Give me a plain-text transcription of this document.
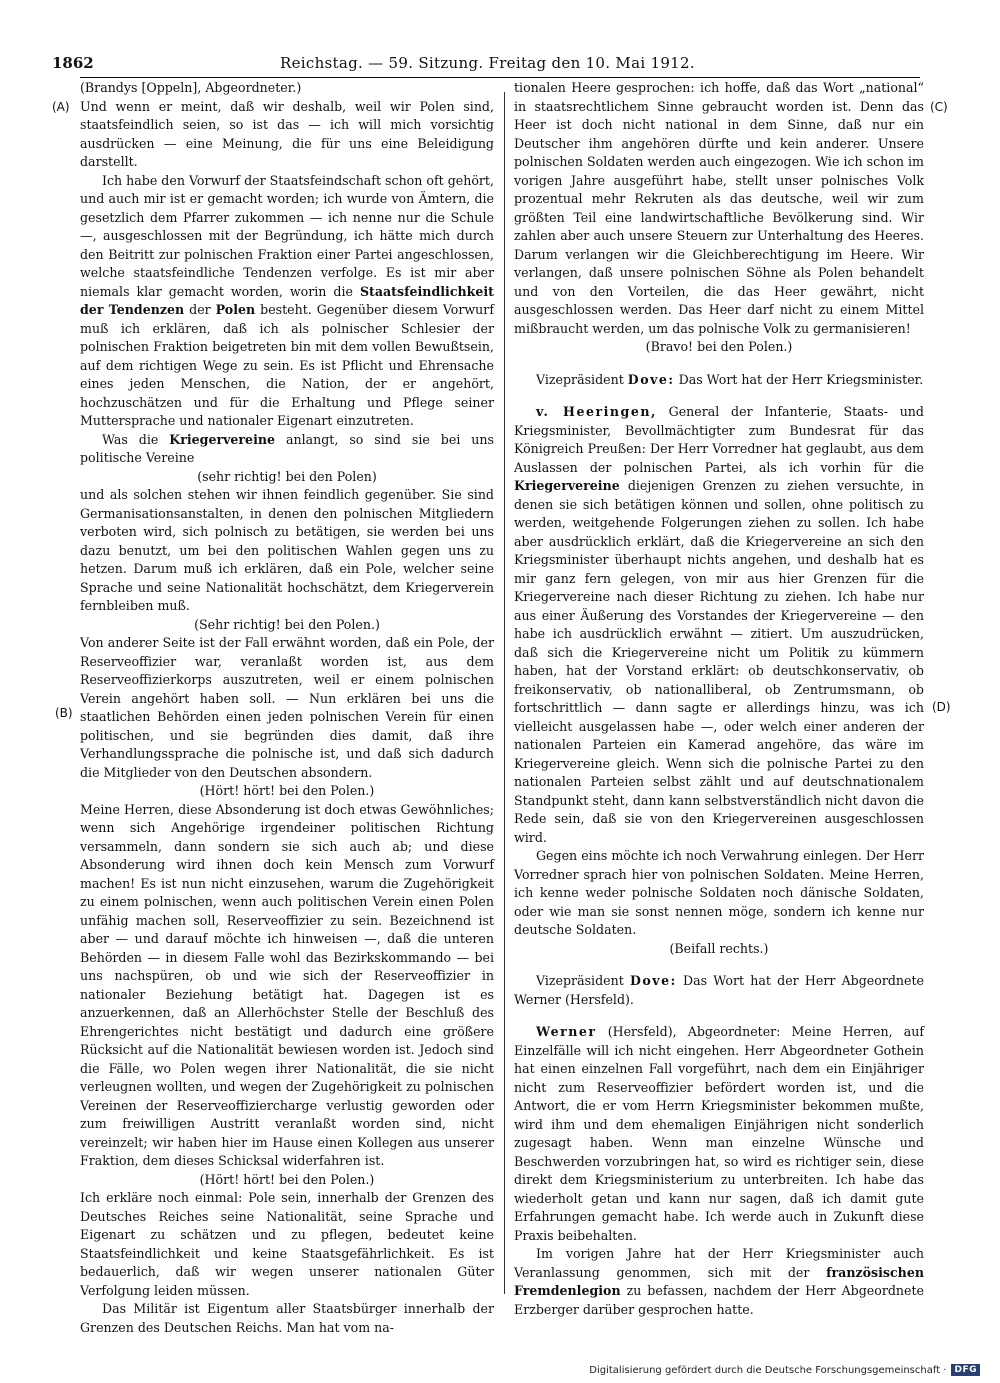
1862	Reichstag. — 59. Sitzung. Freitag den 10. Mai 1912.
(A)
(B)
(C)
(D)

(Brandys [Oppeln], Abgeordneter.)

Und wenn er meint, daß wir deshalb, weil wir Polen sind, staatsfeindlich seien, so ist das — ich will mich vorsichtig ausdrücken — eine Meinung, die für uns eine Beleidigung darstellt.

Ich habe den Vorwurf der Staatsfeindschaft schon oft gehört, und auch mir ist er gemacht worden; ich wurde von Ämtern, die gesetzlich dem Pfarrer zukommen — ich nenne nur die Schule —, ausgeschlossen mit der Begründung, ich hätte mich durch den Beitritt zur polnischen Fraktion einer Partei angeschlossen, welche staatsfeindliche Tendenzen verfolge. Es ist mir aber niemals klar gemacht worden, worin die Staatsfeindlichkeit der Tendenzen der Polen besteht. Gegenüber diesem Vorwurf muß ich erklären, daß ich als polnischer Schlesier der polnischen Fraktion beigetreten bin mit dem vollen Bewußtsein, auf dem richtigen Wege zu sein. Es ist Pflicht und Ehrensache eines jeden Menschen, die Nation, der er angehört, hochzuschätzen und für die Erhaltung und Pflege seiner Muttersprache und nationaler Eigenart einzutreten.

Was die Kriegervereine anlangt, so sind sie bei uns politische Vereine

(sehr richtig! bei den Polen)

und als solchen stehen wir ihnen feindlich gegenüber. Sie sind Germanisationsanstalten, in denen den polnischen Mitgliedern verboten wird, sich polnisch zu betätigen, sie werden bei uns dazu benutzt, um bei den politischen Wahlen gegen uns zu hetzen. Darum muß ich erklären, daß ein Pole, welcher seine Sprache und seine Nationalität hochschätzt, dem Kriegerverein fernbleiben muß.

(Sehr richtig! bei den Polen.)

Von anderer Seite ist der Fall erwähnt worden, daß ein Pole, der Reserveoffizier war, veranlaßt worden ist, aus dem Reserveoffizierkorps auszutreten, weil er einem polnischen Verein angehört haben soll. — Nun erklären bei uns die staatlichen Behörden einen jeden polnischen Verein für einen politischen, und sie begründen dies damit, daß ihre Verhandlungssprache die polnische ist, und daß sich dadurch die Mitglieder von den Deutschen absondern.

(Hört! hört! bei den Polen.)

Meine Herren, diese Absonderung ist doch etwas Gewöhnliches; wenn sich Angehörige irgendeiner politischen Richtung versammeln, dann sondern sie sich auch ab; und diese Absonderung wird ihnen doch kein Mensch zum Vorwurf machen! Es ist nun nicht einzusehen, warum die Zugehörigkeit zu einem polnischen, wenn auch politischen Verein einen Polen unfähig machen soll, Reserveoffizier zu sein. Bezeichnend ist aber — und darauf möchte ich hinweisen —, daß die unteren Behörden — in diesem Falle wohl das Bezirkskommando — bei uns nachspüren, ob und wie sich der Reserveoffizier in nationaler Beziehung betätigt hat. Dagegen ist es anzuerkennen, daß an Allerhöchster Stelle der Beschluß des Ehrengerichtes nicht bestätigt und dadurch eine größere Rücksicht auf die Nationalität bewiesen worden ist. Jedoch sind die Fälle, wo Polen wegen ihrer Nationalität, die sie nicht verleugnen wollten, und wegen der Zugehörigkeit zu polnischen Vereinen der Reserveoffiziercharge verlustig geworden oder zum freiwilligen Austritt veranlaßt worden sind, nicht vereinzelt; wir haben hier im Hause einen Kollegen aus unserer Fraktion, dem dieses Schicksal widerfahren ist.

(Hört! hört! bei den Polen.)

Ich erkläre noch einmal: Pole sein, innerhalb der Grenzen des Deutsches Reiches seine Nationalität, seine Sprache und Eigenart zu schätzen und zu pflegen, bedeutet keine Staatsfeindlichkeit und keine Staatsgefährlichkeit. Es ist bedauerlich, daß wir wegen unserer nationalen Güter Verfolgung leiden müssen.

Das Militär ist Eigentum aller Staatsbürger innerhalb der Grenzen des Deutschen Reichs. Man hat vom na-

tionalen Heere gesprochen: ich hoffe, daß das Wort „national“ in staatsrechtlichem Sinne gebraucht worden ist. Denn das Heer ist doch nicht national in dem Sinne, daß nur ein Deutscher ihm angehören dürfte und kein anderer. Unsere polnischen Soldaten werden auch eingezogen. Wie ich schon im vorigen Jahre ausgeführt habe, stellt unser polnisches Volk prozentual mehr Rekruten als das deutsche, weil wir zum größten Teil eine landwirtschaftliche Bevölkerung sind. Wir zahlen aber auch unsere Steuern zur Unterhaltung des Heeres. Darum verlangen wir die Gleichberechtigung im Heere. Wir verlangen, daß unsere polnischen Söhne als Polen behandelt und von den Vorteilen, die das Heer gewährt, nicht ausgeschlossen werden. Das Heer darf nicht zu einem Mittel mißbraucht werden, um das polnische Volk zu germanisieren!

(Bravo! bei den Polen.)

Vizepräsident Dove: Das Wort hat der Herr Kriegsminister.

v. Heeringen, General der Infanterie, Staats- und Kriegsminister, Bevollmächtigter zum Bundesrat für das Königreich Preußen: Der Herr Vorredner hat geglaubt, aus dem Auslassen der polnischen Partei, als ich vorhin für die Kriegervereine diejenigen Grenzen zu ziehen versuchte, in denen sie sich betätigen können und sollen, ohne politisch zu werden, weitgehende Folgerungen ziehen zu sollen. Ich habe aber ausdrücklich erklärt, daß die Kriegervereine an sich den Kriegsminister überhaupt nichts angehen, und deshalb hat es mir ganz fern gelegen, von mir aus hier Grenzen für die Kriegervereine nach dieser Richtung zu ziehen. Ich habe nur aus einer Äußerung des Vorstandes der Kriegervereine — den habe ich ausdrücklich erwähnt — zitiert. Um auszudrücken, daß sich die Kriegervereine nicht um Politik zu kümmern haben, hat der Vorstand erklärt: ob deutschkonservativ, ob freikonservativ, ob nationalliberal, ob Zentrumsmann, ob fortschrittlich — dann sagte er allerdings hinzu, was ich vielleicht ausgelassen habe —, oder welch einer anderen der nationalen Parteien ein Kamerad angehöre, das wäre im Kriegervereine gleich. Wenn sich die polnische Partei zu den nationalen Parteien selbst zählt und auf deutschnationalem Standpunkt steht, dann kann selbstverständlich nicht davon die Rede sein, daß sie von den Kriegervereinen ausgeschlossen wird.

Gegen eins möchte ich noch Verwahrung einlegen. Der Herr Vorredner sprach hier von polnischen Soldaten. Meine Herren, ich kenne weder polnische Soldaten noch dänische Soldaten, oder wie man sie sonst nennen möge, sondern ich kenne nur deutsche Soldaten.

(Beifall rechts.)

Vizepräsident Dove: Das Wort hat der Herr Abgeordnete Werner (Hersfeld).

Werner (Hersfeld), Abgeordneter: Meine Herren, auf Einzelfälle will ich nicht eingehen. Herr Abgeordneter Gothein hat einen einzelnen Fall vorgeführt, nach dem ein Einjähriger nicht zum Reserveoffizier befördert worden ist, und die Antwort, die er vom Herrn Kriegsminister bekommen mußte, wird ihm und dem ehemaligen Einjährigen nicht sonderlich zugesagt haben. Wenn man einzelne Wünsche und Beschwerden vorzubringen hat, so wird es richtiger sein, diese direkt dem Kriegsministerium zu unterbreiten. Ich habe das wiederholt getan und kann nur sagen, daß ich damit gute Erfahrungen gemacht habe. Ich werde auch in Zukunft diese Praxis beibehalten.

Im vorigen Jahre hat der Herr Kriegsminister auch Veranlassung genommen, sich mit der französischen Fremdenlegion zu befassen, nachdem der Herr Abgeordnete Erzberger darüber gesprochen hatte.

Digitalisierung gefördert durch die Deutsche Forschungsgemeinschaft · DFG
